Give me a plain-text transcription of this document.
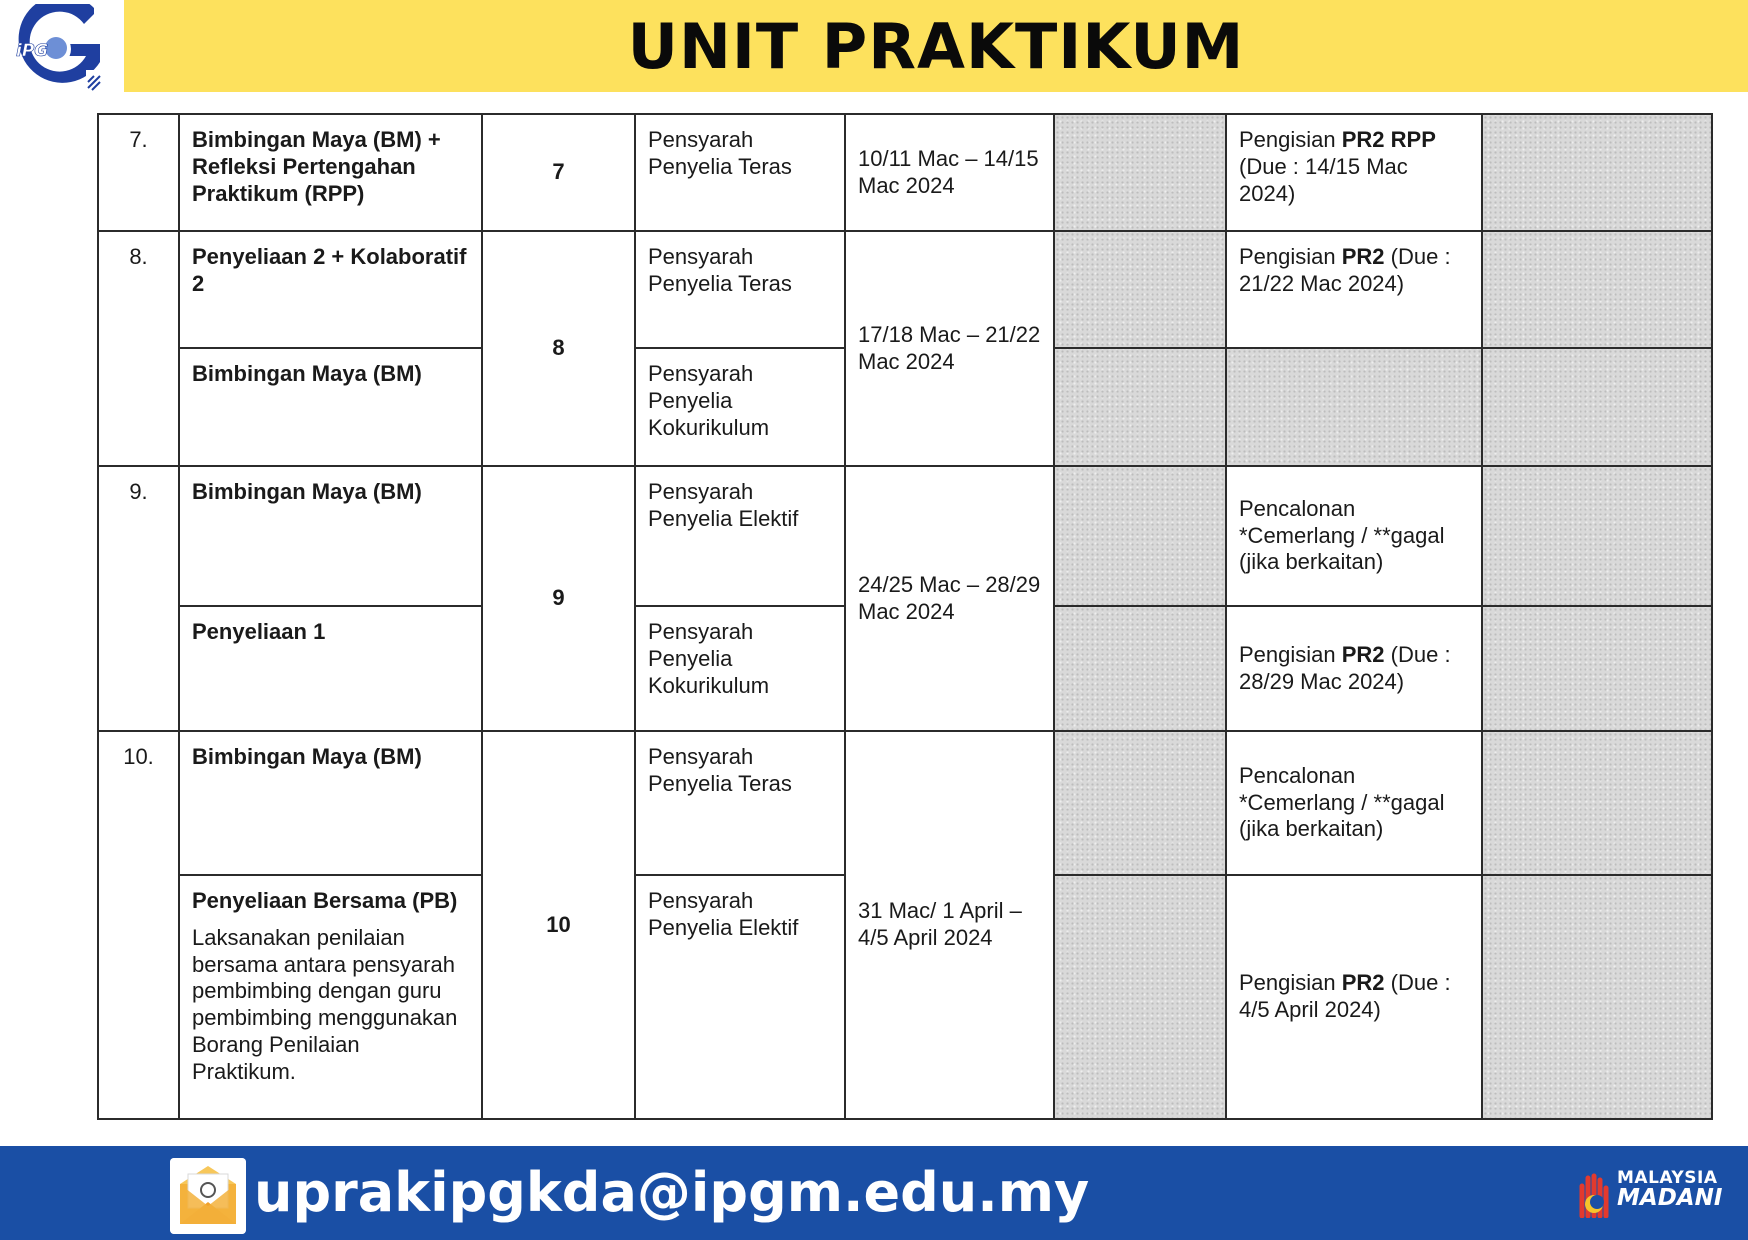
iPG	UNIT PRAKTIKUM
7.	Bimbingan Maya (BM) + Refleksi Pertengahan Praktikum (RPP)	7	Pensyarah Penyelia Teras	10/11 Mac – 14/15 Mac 2024		Pengisian PR2 RPP (Due : 14/15 Mac 2024)	
8.	Penyeliaan 2 + Kolaboratif 2	8	Pensyarah Penyelia Teras	17/18 Mac – 21/22 Mac 2024		Pengisian PR2 (Due : 21/22 Mac 2024)	
	Bimbingan Maya (BM)		Pensyarah Penyelia Kokurikulum				
9.	Bimbingan Maya (BM)	9	Pensyarah Penyelia Elektif	24/25 Mac – 28/29 Mac 2024		Pencalonan *Cemerlang / **gagal (jika berkaitan)	
	Penyeliaan 1		Pensyarah Penyelia Kokurikulum			Pengisian PR2 (Due : 28/29 Mac 2024)	
10.	Bimbingan Maya (BM)	10	Pensyarah Penyelia Teras	31 Mac/ 1 April – 4/5 April 2024		Pencalonan *Cemerlang / **gagal (jika berkaitan)	
	Penyeliaan Bersama (PB)
Laksanakan penilaian bersama antara pensyarah pembimbing dengan guru pembimbing menggunakan Borang Penilaian Praktikum.		Pensyarah Penyelia Elektif			Pengisian PR2 (Due : 4/5 April 2024)	
uprakipgkda@ipgm.edu.my	MALAYSIA
MADANI
